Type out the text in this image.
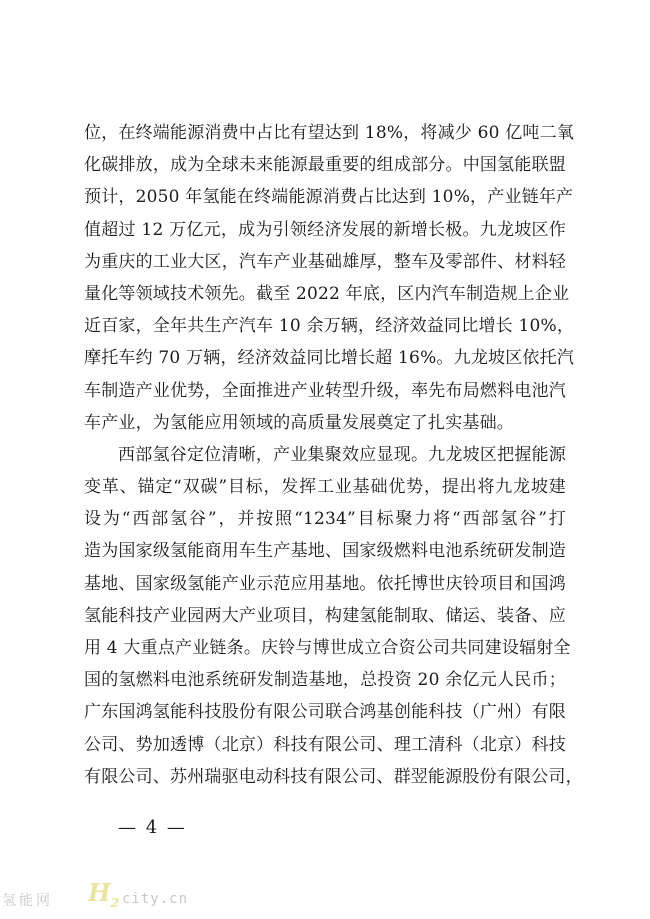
位，在终端能源消费中占比有望达到 18%，将减少 60 亿吨二氧
化碳排放，成为全球未来能源最重要的组成部分。中国氢能联盟
预计，2050 年氢能在终端能源消费占比达到 10%，产业链年产
值超过 12 万亿元，成为引领经济发展的新增长极。九龙坡区作
为重庆的工业大区，汽车产业基础雄厚，整车及零部件、材料轻
量化等领域技术领先。截至 2022 年底，区内汽车制造规上企业
近百家，全年共生产汽车 10 余万辆，经济效益同比增长 10%，
摩托车约 70 万辆，经济效益同比增长超 16%。九龙坡区依托汽
车制造产业优势，全面推进产业转型升级，率先布局燃料电池汽
车产业，为氢能应用领域的高质量发展奠定了扎实基础。
西部氢谷定位清晰，产业集聚效应显现。九龙坡区把握能源
变革、锚定“双碳”目标，发挥工业基础优势，提出将九龙坡建
设为“西部氢谷”，并按照“1234”目标聚力将“西部氢谷”打
造为国家级氢能商用车生产基地、国家级燃料电池系统研发制造
基地、国家级氢能产业示范应用基地。依托博世庆铃项目和国鸿
氢能科技产业园两大产业项目，构建氢能制取、储运、装备、应
用 4 大重点产业链条。庆铃与博世成立合资公司共同建设辐射全
国的氢燃料电池系统研发制造基地，总投资 20 余亿元人民币；
广东国鸿氢能科技股份有限公司联合鸿基创能科技（广州）有限
公司、势加透博（北京）科技有限公司、理工清科（北京）科技
有限公司、苏州瑞驱电动科技有限公司、群翌能源股份有限公司，
— 4 —
氢能网 $H_2$ city.cn
